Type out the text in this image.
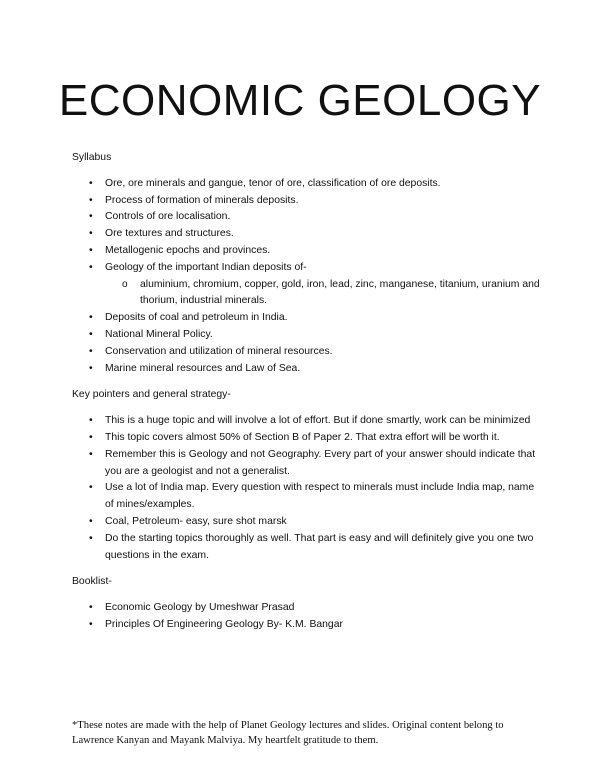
ECONOMIC GEOLOGY

Syllabus

• Ore, ore minerals and gangue, tenor of ore, classification of ore deposits.
• Process of formation of minerals deposits.
• Controls of ore localisation.
• Ore textures and structures.
• Metallogenic epochs and provinces.
• Geology of the important Indian deposits of-
o aluminium, chromium, copper, gold, iron, lead, zinc, manganese, titanium, uranium and thorium, industrial minerals.
• Deposits of coal and petroleum in India.
• National Mineral Policy.
• Conservation and utilization of mineral resources.
• Marine mineral resources and Law of Sea.

Key pointers and general strategy-

• This is a huge topic and will involve a lot of effort. But if done smartly, work can be minimized
• This topic covers almost 50% of Section B of Paper 2. That extra effort will be worth it.
• Remember this is Geology and not Geography. Every part of your answer should indicate that you are a geologist and not a generalist.
• Use a lot of India map. Every question with respect to minerals must include India map, name of mines/examples.
• Coal, Petroleum- easy, sure shot marsk
• Do the starting topics thoroughly as well. That part is easy and will definitely give you one two questions in the exam.

Booklist-

• Economic Geology by Umeshwar Prasad
• Principles Of Engineering Geology By- K.M. Bangar
*These notes are made with the help of Planet Geology lectures and slides. Original content belong to Lawrence Kanyan and Mayank Malviya. My heartfelt gratitude to them.
